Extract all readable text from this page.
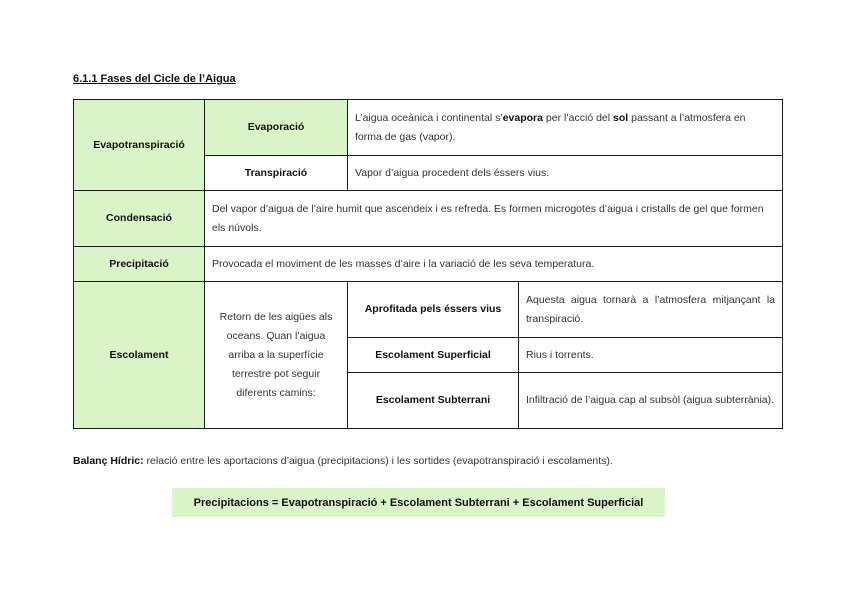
6.1.1 Fases del Cicle de l’Aigua
Evapotranspiració	Evaporació	L’aigua oceànica i continental s’evapora per l’acció del sol passant a l’atmosfera en forma de gas (vapor).	
	Transpiració	Vapor d’aigua procedent dels éssers vius.	
Condensació	Del vapor d’aigua de l’aire humit que ascendeix i es refreda. Es formen microgotes d’aigua i cristalls de gel que formen els núvols.		
Precipitació	Provocada el moviment de les masses d’aire i la variació de les seva temperatura.		
Escolament	Retorn de les aigües als oceans. Quan l’aigua arriba a la superfície terrestre pot seguir diferents camins:	Aprofitada pels éssers vius	Aquesta aigua tornarà a l’atmosfera mitjançant la transpiració.
		Escolament Superficial	Rius i torrents.
		Escolament Subterrani	Infiltració de l’aigua cap al subsòl (aigua subterrània).
Balanç Hídric: relació entre les aportacions d’aigua (precipitacions) i les sortides (evapotranspiració i escolaments).
Precipitacions = Evapotranspiració + Escolament Subterrani + Escolament Superficial
